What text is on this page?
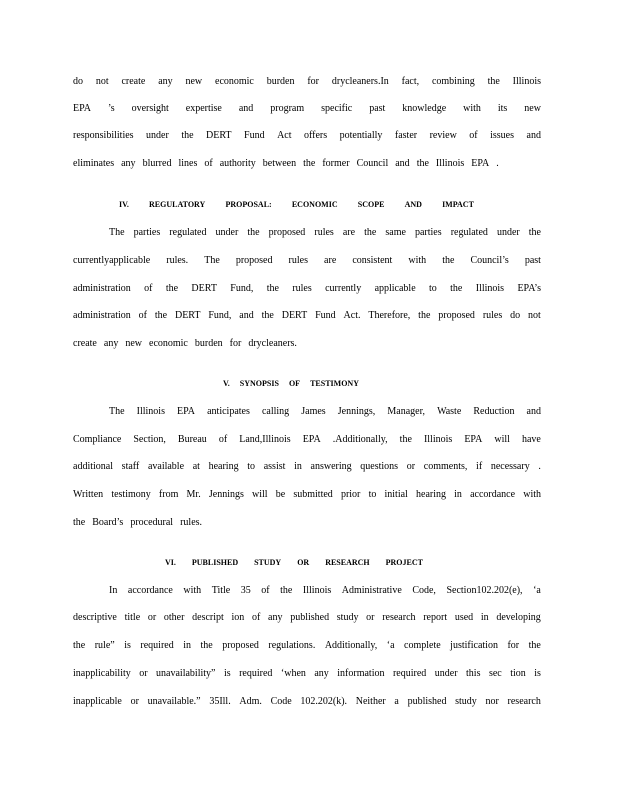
do not create any new economic burden for drycleaners.In fact, combining the Illinois
EPA ’s oversight expertise and program specific past knowledge with its new
responsibilities under the DERT Fund Act offers potentially faster review of issues and
eliminates any blurred lines of authority between the former Council and the Illinois EPA .
IV.	REGULATORY	PROPOSAL:	ECONOMIC	SCOPE	AND	IMPACT
The parties regulated under the proposed rules are the same parties regulated under the
currentlyapplicable rules. The proposed rules are consistent with the Council’s past
administration of the DERT Fund, the rules currently applicable to the Illinois EPA’s
administration of the DERT Fund, and the DERT Fund Act. Therefore, the proposed rules do not
create any new economic burden for drycleaners.
V. SYNOPSIS OF TESTIMONY
The Illinois EPA anticipates calling James Jennings, Manager, Waste Reduction and
Compliance Section, Bureau of Land,Illinois EPA .Additionally, the Illinois EPA will have
additional staff available at hearing to assist in answering questions or comments, if necessary .
Written testimony from Mr. Jennings will be submitted prior to initial hearing in accordance with
the Board’s procedural rules.
VI. PUBLISHED STUDY OR RESEARCH PROJECT
In accordance with Title 35 of the Illinois Administrative Code, Section102.202(e), ‘a
descriptive title or other descript ion of any published study or research report used in developing
the rule” is required in the proposed regulations. Additionally, ‘a complete justification for the
inapplicability or unavailability” is required ‘when any information required under this sec tion is
inapplicable or unavailable.” 35Ill. Adm. Code 102.202(k). Neither a published study nor research
